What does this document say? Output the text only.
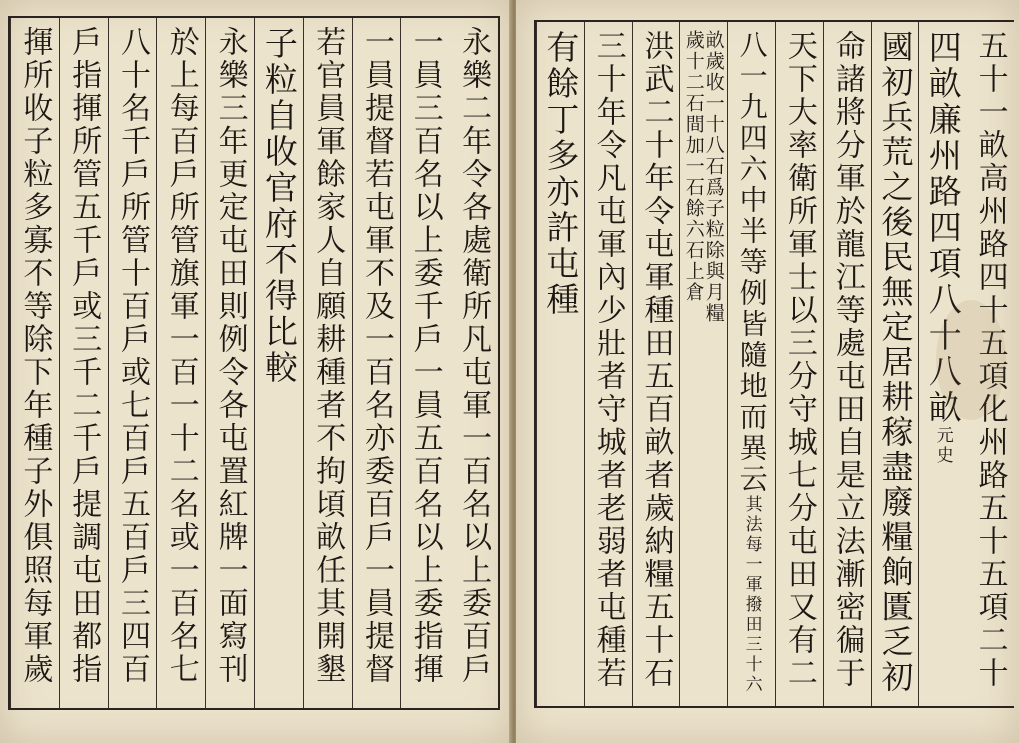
永樂二年令各處衛所凡屯軍一百名以上委百戶
一員三百名以上委千戶一員五百名以上委指揮
一員提督若屯軍不及一百名亦委百戶一員提督
若官員軍餘家人自願耕種者不拘頃畝任其開墾
子粒自收官府不得比較
永樂三年更定屯田則例令各屯置紅牌一面寫刊
於上每百戶所管旗軍一百一十二名或一百名七
八十名千戶所管十百戶或七百戶五百戶三四百
戶指揮所管五千戶或三千二千戶提調屯田都指
揮所收子粒多寡不等除下年種子外俱照每軍歲	五十一畝高州路四十五項化州路五十五項二十
四畝廉州路四項八十八畝元史
國初兵荒之後民無定居耕稼盡廢糧餉匱乏初
命諸將分軍於龍江等處屯田自是立法漸密徧于
天下大率衛所軍士以三分守城七分屯田又有二
八一九四六中半等例皆隨地而異云其法每一軍撥田三十六
畝歲收一十八石爲子粒除與月糧
歲十二石間加一石餘六石上倉
洪武二十年令屯軍種田五百畝者歲納糧五十石
三十年令凡屯軍內少壯者守城者老弱者屯種若
有餘丁多亦許屯種
